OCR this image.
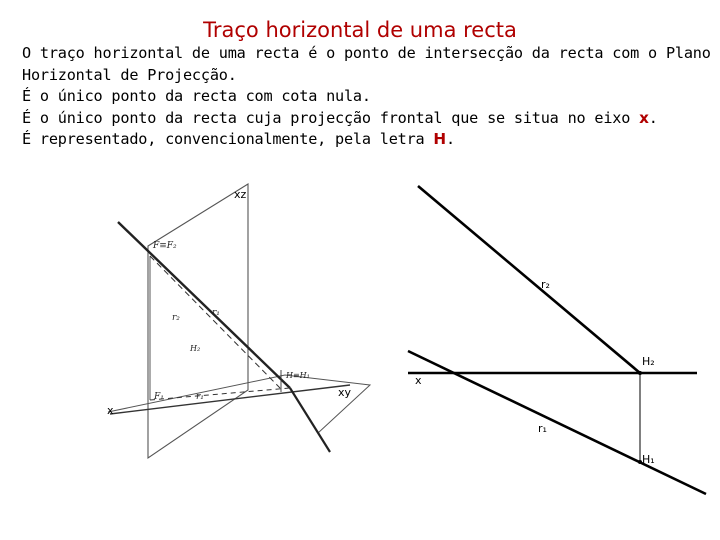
Traço horizontal de uma recta
O traço horizontal de uma recta é o ponto de intersecção da recta com o Plano
Horizontal de Projecção.
É o único ponto da recta com cota nula.
É o único ponto da recta cuja projecção frontal que se situa no eixo x.
É representado, convencionalmente, pela letra H.
xz
xy
x
F≡F₂
r₂	r₁
H≡H₁
F₁	r₁
H₂
r₂
H₂
x
r₁
H₁
